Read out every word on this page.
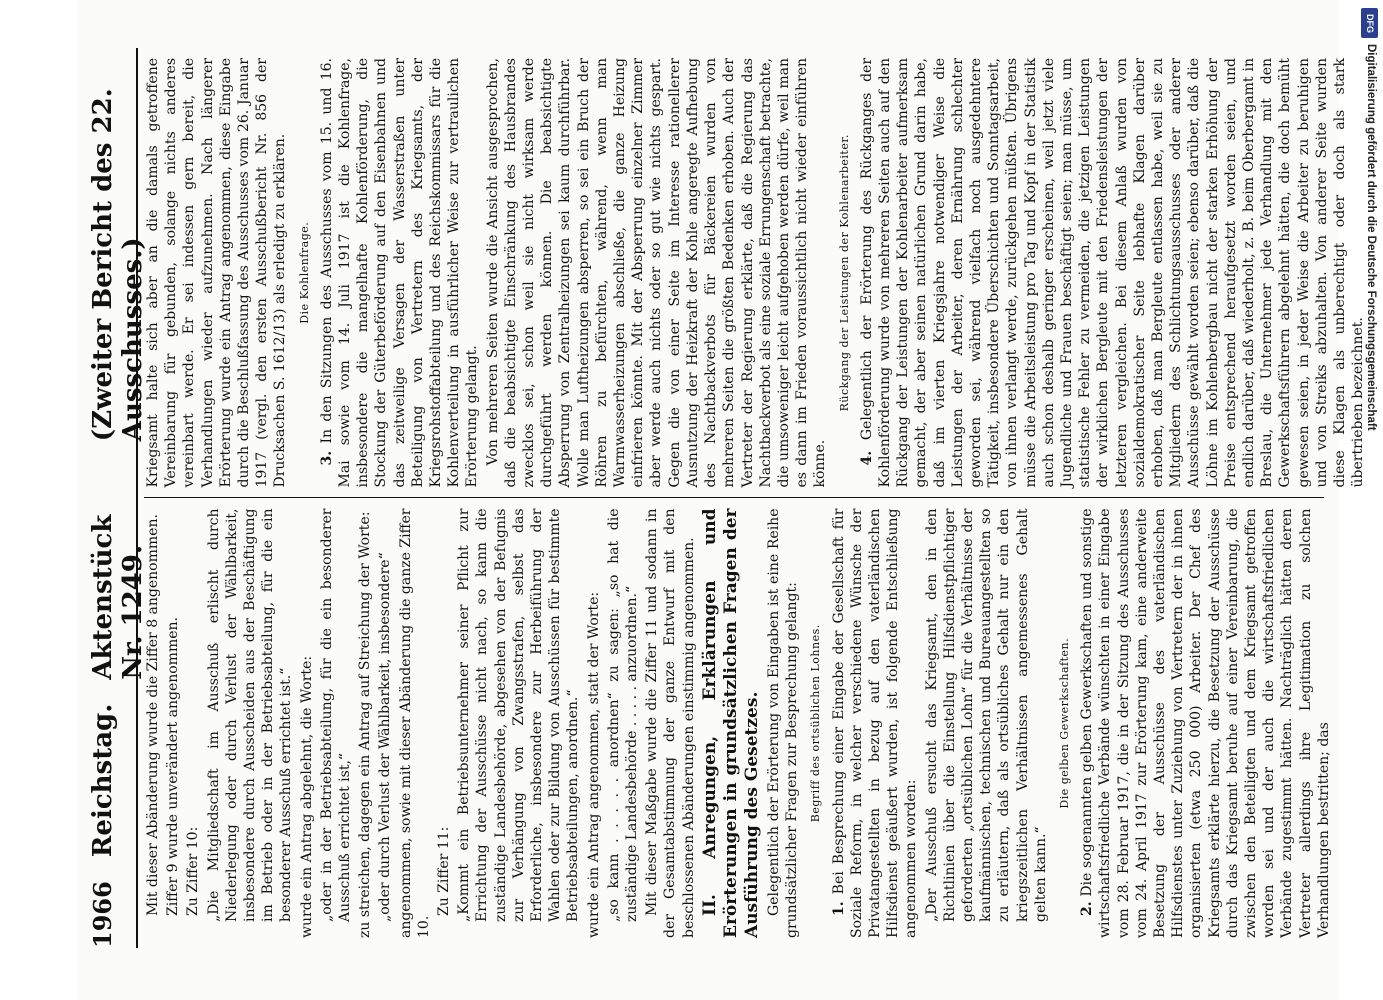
1966
Reichstag.
Aktenstück Nr. 1249.
(Zweiter Bericht des 22. Ausschusses.)

Mit dieser Abänderung wurde die Ziffer 8 angenommen. Ziffer 9 wurde unverändert angenommen. Zu Ziffer 10: „Die Mitgliedschaft im Ausschuß erlischt durch Niederlegung oder durch Verlust der Wählbarkeit, insbesondere durch Ausscheiden aus der Beschäftigung im Betrieb oder in der Betriebsabteilung, für die ein besonderer Ausschuß errichtet ist.“ wurde ein Antrag abgelehnt, die Worte: „oder in der Betriebsabteilung, für die ein besonderer Ausschuß errichtet ist,“ zu streichen, dagegen ein Antrag auf Streichung der Worte: „oder durch Verlust der Wählbarkeit, insbesondere“ angenommen, sowie mit dieser Abänderung die ganze Ziffer 10.

Zu Ziffer 11: „Kommt ein Betriebsunternehmer seiner Pflicht zur Errichtung der Ausschüsse nicht nach, so kann die zuständige Landesbehörde, abgesehen von der Befugnis zur Verhängung von Zwangsstrafen, selbst das Erforderliche, insbesondere zur Herbeiführung der Wahlen oder zur Bildung von Ausschüssen für bestimmte Betriebsabteilungen, anordnen.“ wurde ein Antrag angenommen, statt der Worte: „so kann . . . . . anordnen“ zu sagen: „so hat die zuständige Landesbehörde . . . . . anzuordnen.“ Mit dieser Maßgabe wurde die Ziffer 11 und sodann in der Gesamtabstimmung der ganze Entwurf mit den beschlossenen Abänderungen einstimmig angenommen. II. Anregungen, Erklärungen und Erörterungen in grundsätzlichen Fragen der Ausführung des Gesetzes. Gelegentlich der Erörterung von Eingaben ist eine Reihe grundsätzlicher Fragen zur Besprechung gelangt: Begriff des ortsüblichen Lohnes.

1. Bei Besprechung einer Eingabe der Gesellschaft für Soziale Reform, in welcher verschiedene Wünsche der Privatangestellten in bezug auf den vaterländischen Hilfsdienst geäußert wurden, ist folgende Entschließung angenommen worden: „Der Ausschuß ersucht das Kriegsamt, den in den Richtlinien über die Einstellung Hilfsdienstpflichtiger geforderten „ortsüblichen Lohn“ für die Verhältnisse der kaufmännischen, technischen und Bureauangestellten so zu erläutern, daß als ortsübliches Gehalt nur ein den kriegszeitlichen Verhältnissen angemessenes Gehalt gelten kann.“

Die gelben Gewerkschaften.

2. Die sogenannten gelben Gewerkschaften und sonstige wirtschaftsfriedliche Verbände wünschten in einer Eingabe vom 28. Februar 1917, die in der Sitzung des Ausschusses vom 24. April 1917 zur Erörterung kam, eine anderweite Besetzung der Ausschüsse des vaterländischen Hilfsdienstes unter Zuziehung von Vertretern der in ihnen organisierten (etwa 250 000) Arbeiter. Der Chef des Kriegsamts erklärte hierzu, die Besetzung der Ausschüsse durch das Kriegsamt beruhe auf einer Vereinbarung, die zwischen den Beteiligten und dem Kriegsamt getroffen worden sei und der auch die wirtschaftsfriedlichen Verbände zugestimmt hätten. Nachträglich hätten deren Vertreter allerdings ihre Legitimation zu solchen Verhandlungen bestritten; das

Kriegsamt halte sich aber an die damals getroffene Vereinbarung für gebunden, solange nichts anderes vereinbart werde. Er sei indessen gern bereit, die Verhandlungen wieder aufzunehmen. Nach längerer Erörterung wurde ein Antrag angenommen, diese Eingabe durch die Beschlußfassung des Ausschusses vom 26. Januar 1917 (vergl. den ersten Ausschußbericht Nr. 856 der Drucksachen S. 1612/13) als erledigt zu erklären. Die Kohlenfrage.

3. In den Sitzungen des Ausschusses vom 15. und 16. Mai sowie vom 14. Juli 1917 ist die Kohlenfrage, insbesondere die mangelhafte Kohlenförderung, die Stockung der Güterbeförderung auf den Eisenbahnen und das zeitweilige Versagen der Wasserstraßen unter Beteiligung von Vertretern des Kriegsamts, der Kriegsrohstoffabteilung und des Reichskommissars für die Kohlenverteilung in ausführlicher Weise zur vertraulichen Erörterung gelangt. Von mehreren Seiten wurde die Ansicht ausgesprochen, daß die beabsichtigte Einschränkung des Hausbrandes zwecklos sei, schon weil sie nicht wirksam werde durchgeführt werden können. Die beabsichtigte Absperrung von Zentralheizungen sei kaum durchführbar. Wolle man Luftheizungen absperren, so sei ein Bruch der Röhren zu befürchten, während, wenn man Warmwasserheizungen abschließe, die ganze Heizung einfrieren könnte. Mit der Absperrung einzelner Zimmer aber werde auch nichts oder so gut wie nichts gespart. Gegen die von einer Seite im Interesse rationellerer Ausnutzung der Heizkraft der Kohle angeregte Aufhebung des Nachtbackverbots für Bäckereien wurden von mehreren Seiten die größten Bedenken erhoben. Auch der Vertreter der Regierung erklärte, daß die Regierung das Nachtbackverbot als eine soziale Errungenschaft betrachte, die umsoweniger leicht aufgehoben werden dürfe, weil man es dann im Frieden voraussichtlich nicht wieder einführen könne.

Rückgang der Leistungen der Kohlenarbeiter.

4. Gelegentlich der Erörterung des Rückganges der Kohlenförderung wurde von mehreren Seiten auch auf den Rückgang der Leistungen der Kohlenarbeiter aufmerksam gemacht, der aber seinen natürlichen Grund darin habe, daß im vierten Kriegsjahre notwendiger Weise die Leistungen der Arbeiter, deren Ernährung schlechter geworden sei, während vielfach noch ausgedehntere Tätigkeit, insbesondere Überschichten und Sonntagsarbeit, von ihnen verlangt werde, zurückgehen müßten. Übrigens müsse die Arbeitsleistung pro Tag und Kopf in der Statistik auch schon deshalb geringer erscheinen, weil jetzt viele Jugendliche und Frauen beschäftigt seien; man müsse, um statistische Fehler zu vermeiden, die jetzigen Leistungen der wirklichen Bergleute mit den Friedensleistungen der letzteren vergleichen. Bei diesem Anlaß wurden von sozialdemokratischer Seite lebhafte Klagen darüber erhoben, daß man Bergleute entlassen habe, weil sie zu Mitgliedern des Schlichtungsausschusses oder anderer Ausschüsse gewählt worden seien; ebenso darüber, daß die Löhne im Kohlenbergbau nicht der starken Erhöhung der Preise entsprechend heraufgesetzt worden seien, und endlich darüber, daß wiederholt, z. B. beim Oberbergamt in Breslau, die Unternehmer jede Verhandlung mit den Gewerkschaftsführern abgelehnt hätten, die doch bemüht gewesen seien, in jeder Weise die Arbeiter zu beruhigen und von Streiks abzuhalten. Von anderer Seite wurden diese Klagen als unberechtigt oder doch als stark übertrieben bezeichnet.

DFG
Digitalisierung gefördert durch die Deutsche Forschungsgemeinschaft
